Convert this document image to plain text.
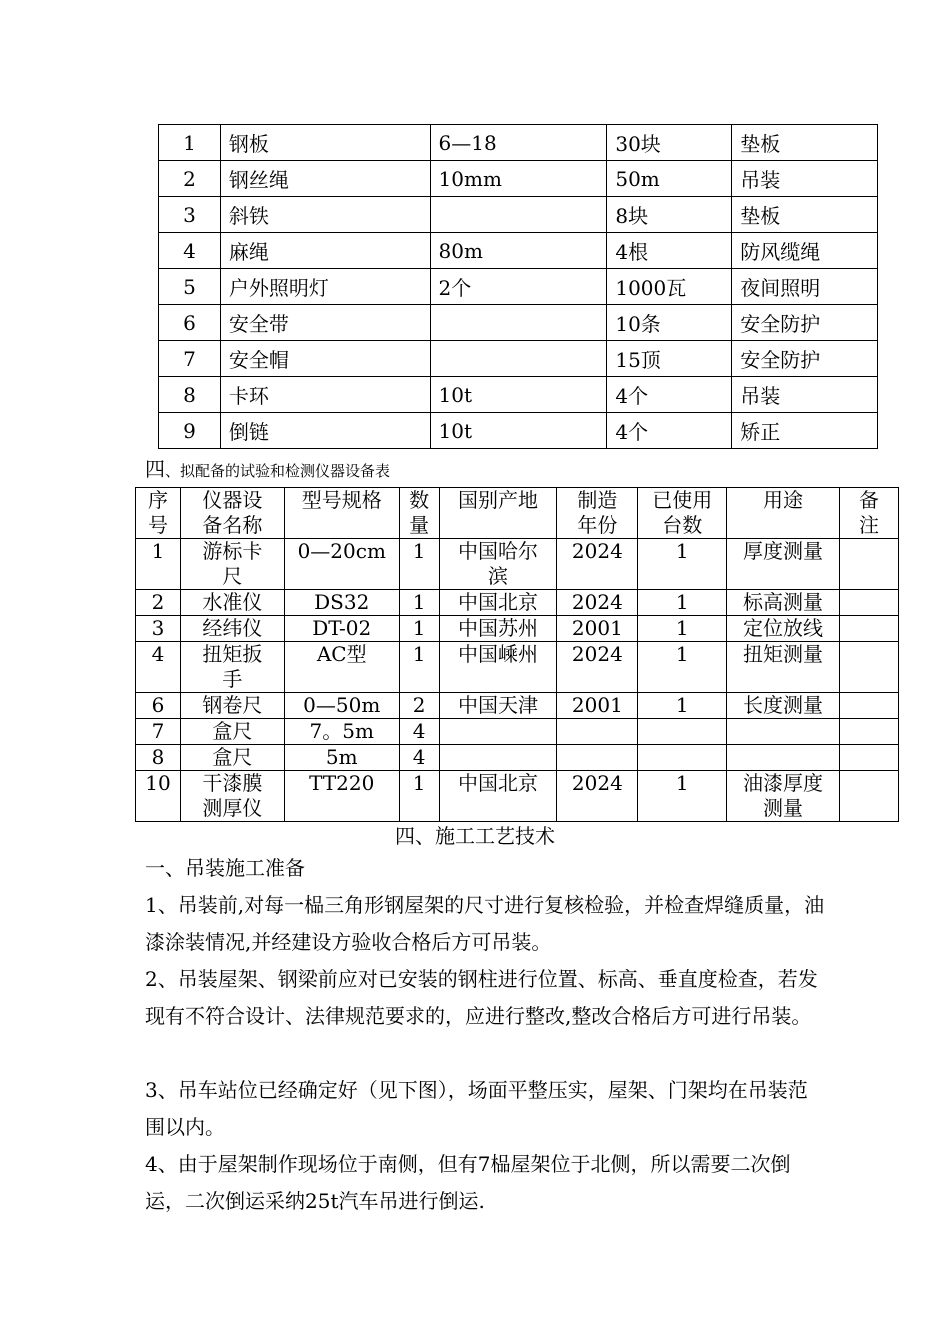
1	钢板	6—18	30块	垫板
2	钢丝绳	10mm	50m	吊装
3	斜铁		8块	垫板
4	麻绳	80m	4根	防风缆绳
5	户外照明灯	2个	1000瓦	夜间照明
6	安全带		10条	安全防护
7	安全帽		15顶	安全防护
8	卡环	10t	4个	吊装
9	倒链	10t	4个	矫正
四、拟配备的试验和检测仪器设备表
序号	仪器设备名称	型号规格	数量	国别产地	制造年份	已使用台数	用途	备注
1	游标卡尺	0—20cm	1	中国哈尔滨	2024	1	厚度测量	
2	水准仪	DS32	1	中国北京	2024	1	标高测量	
3	经纬仪	DT-02	1	中国苏州	2001	1	定位放线	
4	扭矩扳手	AC型	1	中国嵊州	2024	1	扭矩测量	
6	钢卷尺	0—50m	2	中国天津	2001	1	长度测量	
7	盒尺	7。5m	4					
8	盒尺	5m	4					
10	干漆膜测厚仪	TT220	1	中国北京	2024	1	油漆厚度测量	
四、施工工艺技术

一、吊装施工准备

1、吊装前,对每一榀三角形钢屋架的尺寸进行复核检验，并检查焊缝质量，油漆涂装情况,并经建设方验收合格后方可吊装。

2、吊装屋架、钢梁前应对已安装的钢柱进行位置、标高、垂直度检查，若发现有不符合设计、法律规范要求的，应进行整改,整改合格后方可进行吊装。

3、吊车站位已经确定好（见下图），场面平整压实，屋架、门架均在吊装范围以内。

4、由于屋架制作现场位于南侧，但有7榀屋架位于北侧，所以需要二次倒运，二次倒运采纳25t汽车吊进行倒运.
